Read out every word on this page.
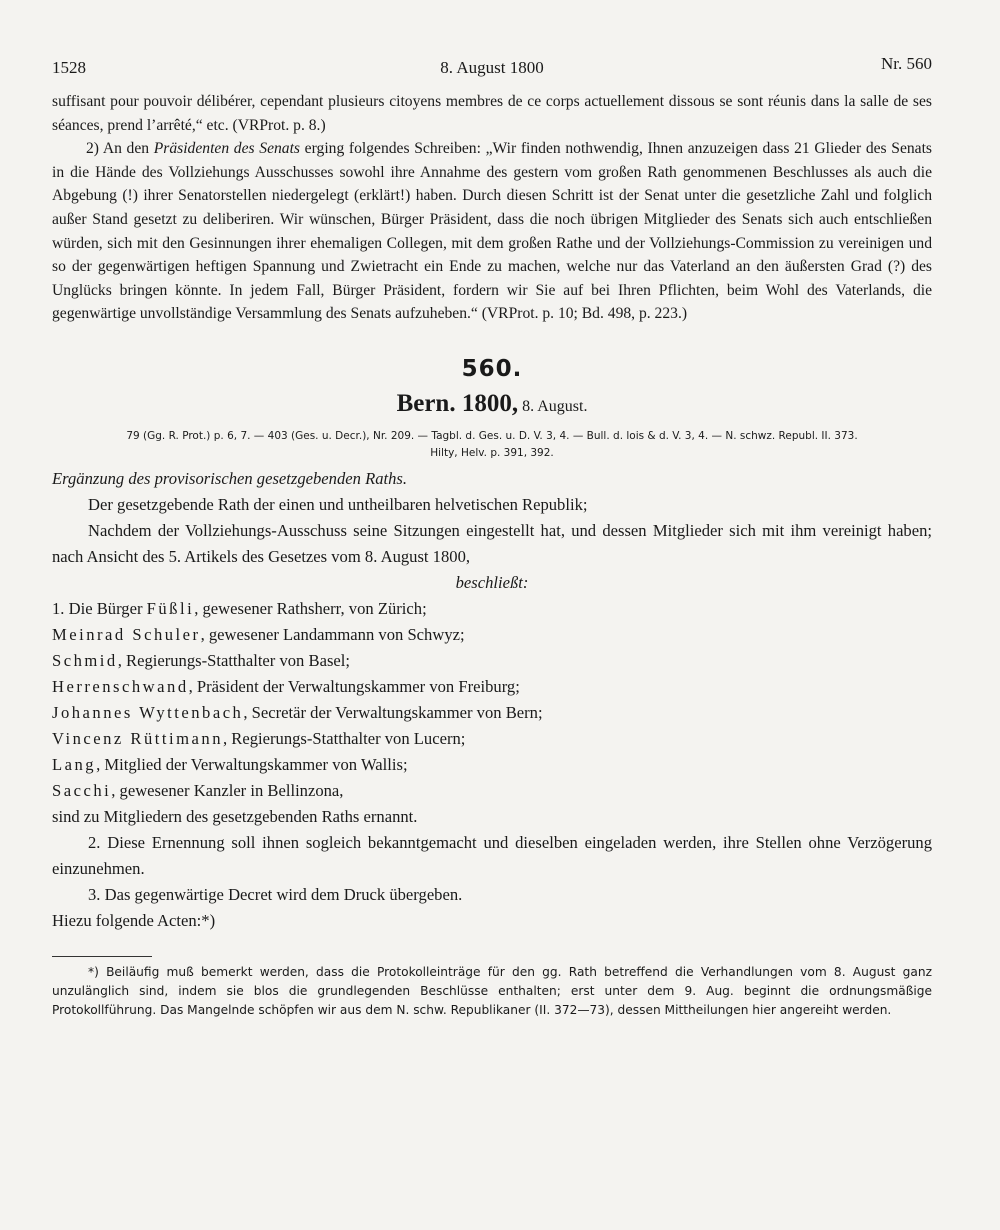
1528	8. August 1800	Nr. 560

suffisant pour pouvoir délibérer, cependant plusieurs citoyens membres de ce corps actuellement dissous se sont réunis dans la salle de ses séances, prend l’arrêté,“ etc. (VRProt. p. 8.)

2) An den Präsidenten des Senats erging folgendes Schreiben: „Wir finden nothwendig, Ihnen anzuzeigen dass 21 Glieder des Senats in die Hände des Vollziehungs Ausschusses sowohl ihre Annahme des gestern vom großen Rath genommenen Beschlusses als auch die Abgebung (!) ihrer Senatorstellen niedergelegt (erklärt!) haben. Durch diesen Schritt ist der Senat unter die gesetzliche Zahl und folglich außer Stand gesetzt zu deliberiren. Wir wünschen, Bürger Präsident, dass die noch übrigen Mitglieder des Senats sich auch entschließen würden, sich mit den Gesinnungen ihrer ehemaligen Collegen, mit dem großen Rathe und der Vollziehungs-Commission zu vereinigen und so der gegenwärtigen heftigen Spannung und Zwietracht ein Ende zu machen, welche nur das Vaterland an den äußersten Grad (?) des Unglücks bringen könnte. In jedem Fall, Bürger Präsident, fordern wir Sie auf bei Ihren Pflichten, beim Wohl des Vaterlands, die gegenwärtige unvollständige Versammlung des Senats aufzuheben.“ (VRProt. p. 10; Bd. 498, p. 223.)

560.
Bern. 1800, 8. August.
79 (Gg. R. Prot.) p. 6, 7. — 403 (Ges. u. Decr.), Nr. 209. — Tagbl. d. Ges. u. D. V. 3, 4. — Bull. d. lois & d. V. 3, 4. — N. schwz. Republ. II. 373.
Hilty, Helv. p. 391, 392.

Ergänzung des provisorischen gesetzgebenden Raths.

Der gesetzgebende Rath der einen und untheilbaren helvetischen Republik;

Nachdem der Vollziehungs-Ausschuss seine Sitzungen eingestellt hat, und dessen Mitglieder sich mit ihm vereinigt haben; nach Ansicht des 5. Artikels des Gesetzes vom 8. August 1800,

beschließt:

1. Die Bürger Füßli, gewesener Rathsherr, von Zürich;

Meinrad Schuler, gewesener Landammann von Schwyz;

Schmid, Regierungs-Statthalter von Basel;

Herrenschwand, Präsident der Verwaltungskammer von Freiburg;

Johannes Wyttenbach, Secretär der Verwaltungskammer von Bern;

Vincenz Rüttimann, Regierungs-Statthalter von Lucern;

Lang, Mitglied der Verwaltungskammer von Wallis;

Sacchi, gewesener Kanzler in Bellinzona,

sind zu Mitgliedern des gesetzgebenden Raths ernannt.

2. Diese Ernennung soll ihnen sogleich bekanntgemacht und dieselben eingeladen werden, ihre Stellen ohne Verzögerung einzunehmen.

3. Das gegenwärtige Decret wird dem Druck übergeben.

Hiezu folgende Acten:*)

*) Beiläufig muß bemerkt werden, dass die Protokolleinträge für den gg. Rath betreffend die Verhandlungen vom 8. August ganz unzulänglich sind, indem sie blos die grundlegenden Beschlüsse enthalten; erst unter dem 9. Aug. beginnt die ordnungsmäßige Protokollführung. Das Mangelnde schöpfen wir aus dem N. schw. Republikaner (II. 372—73), dessen Mittheilungen hier angereiht werden.
